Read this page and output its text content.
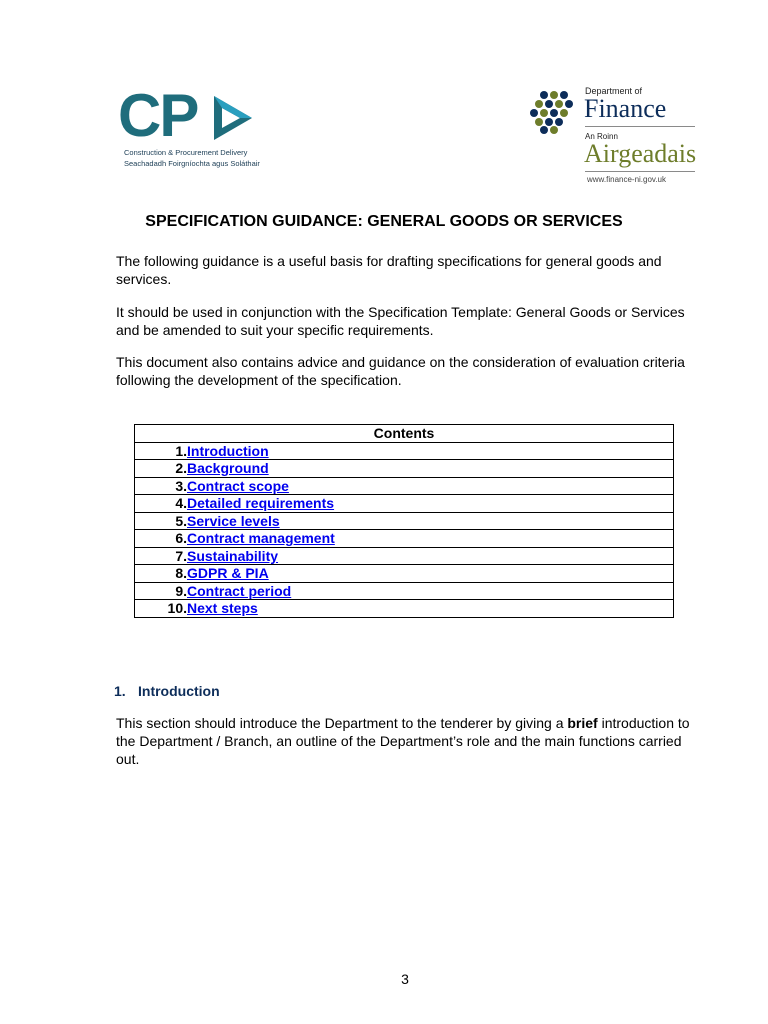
CP
Construction & Procurement Delivery
Seachadadh Foirgníochta agus Soláthair
Department of
Finance
An Roinn
Airgeadais
www.finance-ni.gov.uk
SPECIFICATION GUIDANCE: GENERAL GOODS OR SERVICES
The following guidance is a useful basis for drafting specifications for general goods and services.
It should be used in conjunction with the Specification Template: General Goods or Services and be amended to suit your specific requirements.
This document also contains advice and guidance on the consideration of evaluation criteria following the development of the specification.
Contents
1.Introduction
2.Background
3.Contract scope
4.Detailed requirements
5.Service levels
6.Contract management
7.Sustainability
8.GDPR & PIA
9.Contract period
10.Next steps
1. Introduction
This section should introduce the Department to the tenderer by giving a brief introduction to the Department / Branch, an outline of the Department’s role and the main functions carried out.
3
